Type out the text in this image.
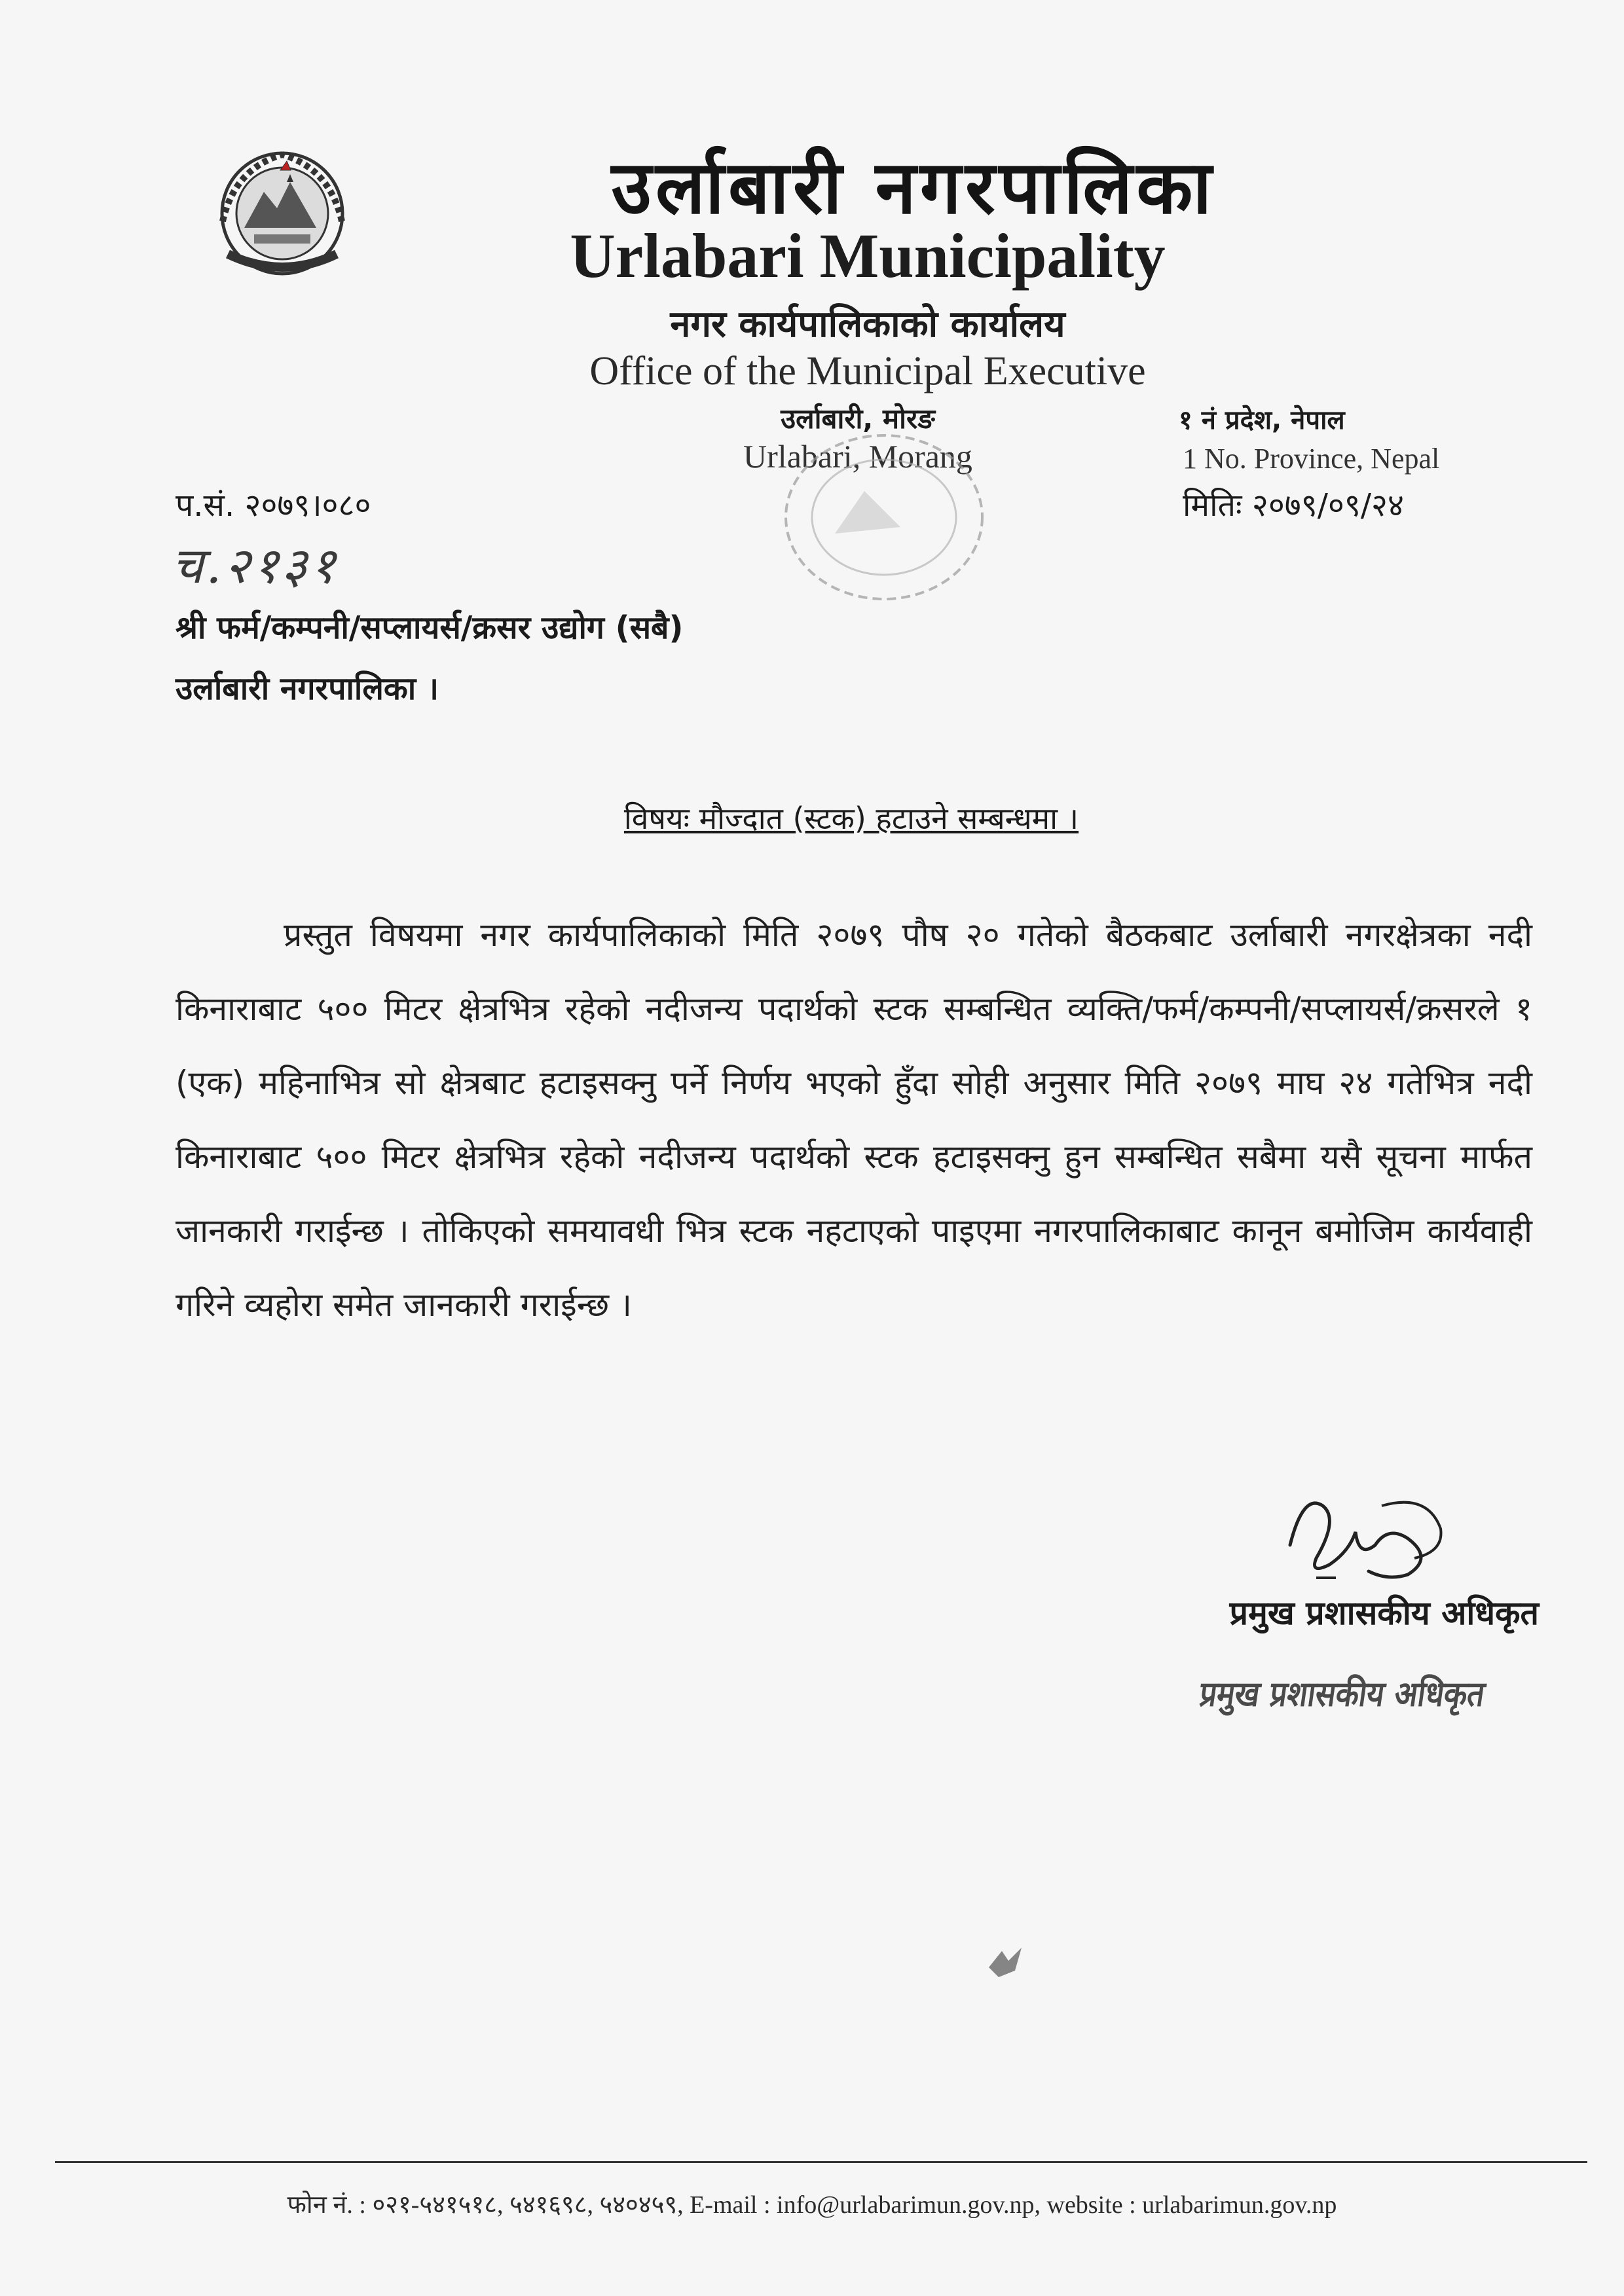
उर्लाबारी नगरपालिका
Urlabari Municipality
नगर कार्यपालिकाको कार्यालय
Office of the Municipal Executive
उर्लाबारी, मोरङ
Urlabari, Morang
१ नं प्रदेश, नेपाल
1 No. Province, Nepal
प.सं. २०७९।०८०	मितिः २०७९/०९/२४
च.२१३१
श्री फर्म/कम्पनी/सप्लायर्स/क्रसर उद्योग (सबै)
उर्लाबारी नगरपालिका ।
विषयः मौज्दात (स्टक) हटाउने सम्बन्धमा ।
प्रस्तुत विषयमा नगर कार्यपालिकाको मिति २०७९ पौष २० गतेको बैठकबाट उर्लाबारी नगरक्षेत्रका नदी किनाराबाट ५०० मिटर क्षेत्रभित्र रहेको नदीजन्य पदार्थको स्टक सम्बन्धित व्यक्ति/फर्म/कम्पनी/सप्लायर्स/क्रसरले १ (एक) महिनाभित्र सो क्षेत्रबाट हटाइसक्नु पर्ने निर्णय भएको हुँदा सोही अनुसार मिति २०७९ माघ २४ गतेभित्र नदी किनाराबाट ५०० मिटर क्षेत्रभित्र रहेको नदीजन्य पदार्थको स्टक हटाइसक्नु हुन सम्बन्धित सबैमा यसै सूचना मार्फत जानकारी गराईन्छ । तोकिएको समयावधी भित्र स्टक नहटाएको पाइएमा नगरपालिकाबाट कानून बमोजिम कार्यवाही गरिने व्यहोरा समेत जानकारी गराईन्छ ।
प्रमुख प्रशासकीय अधिकृत
प्रमुख प्रशासकीय अधिकृत
फोन नं. : ०२१-५४१५१८, ५४१६९८, ५४०४५९, E-mail : info@urlabarimun.gov.np, website : urlabarimun.gov.np
